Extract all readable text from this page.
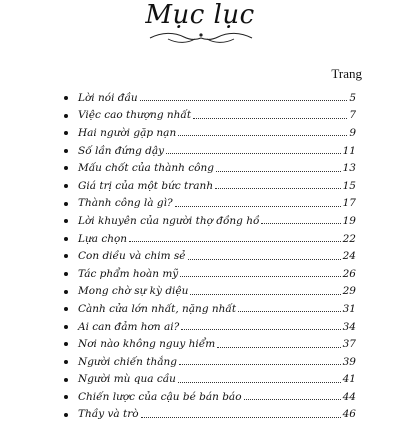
Mục lục
Trang
Lời nói đầu	5
Việc cao thượng nhất	7
Hai người gặp nạn	9
Số lần đứng dậy	11
Mấu chốt của thành công	13
Giá trị của một bức tranh	15
Thành công là gì?	17
Lời khuyên của người thợ đồng hồ	19
Lựa chọn	22
Con diều và chim sẻ	24
Tác phẩm hoàn mỹ	26
Mong chờ sự kỳ diệu	29
Cành cửa lớn nhất, nặng nhất	31
Ai can đảm hơn ai?	34
Nơi nào không nguy hiểm	37
Người chiến thắng	39
Người mù qua cầu	41
Chiến lược của cậu bé bán báo	44
Thầy và trò	46
